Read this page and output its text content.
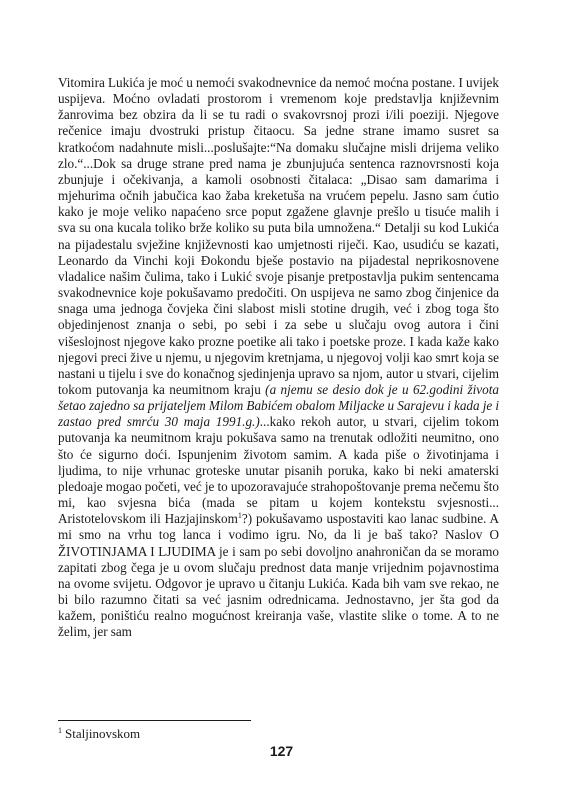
Vitomira Lukića je moć u nemoći svakodnevnice da nemoć moćna postane. I uvijek uspijeva. Moćno ovladati prostorom i vremenom koje predstavlja književnim žanrovima bez obzira da li se tu radi o svakovrsnoj prozi i/ili poeziji. Njegove rečenice imaju dvostruki pristup čitaocu. Sa jedne strane imamo susret sa kratkoćom nadahnute misli...poslušajte:“Na domaku slučajne misli drijema veliko zlo.“...Dok sa druge strane pred nama je zbunjujuća sentenca raznovrsnosti koja zbunjuje i očekivanja, a kamoli osobnosti čitalaca: „Disao sam damarima i mjehurima očnih jabučica kao žaba kreketuša na vrućem pepelu. Jasno sam ćutio kako je moje veliko napaćeno srce poput zgažene glavnje prešlo u tisuće malih i sva su ona kucala toliko brže koliko su puta bila umnožena.“ Detalji su kod Lukića na pijadestalu svježine književnosti kao umjetnosti riječi. Kao, usudiću se kazati, Leonardo da Vinchi koji Đokondu bješe postavio na pijadestal neprikosnovene vladalice našim čulima, tako i Lukić svoje pisanje pretpostavlja pukim sentencama svakodnevnice koje pokušavamo predočiti. On uspijeva ne samo zbog činjenice da snaga uma jednoga čovjeka čini slabost misli stotine drugih, već i zbog toga što objedinjenost znanja o sebi, po sebi i za sebe u slučaju ovog autora i čini višeslojnost njegove kako prozne poetike ali tako i poetske proze. I kada kaže kako njegovi preci žive u njemu, u njegovim kretnjama, u njegovoj volji kao smrt koja se nastani u tijelu i sve do konačnog sjedinjenja upravo sa njom, autor u stvari, cijelim tokom putovanja ka neumitnom kraju (a njemu se desio dok je u 62.godini života šetao zajedno sa prijateljem Milom Babićem obalom Miljacke u Sarajevu i kada je i zastao pred smrću 30 maja 1991.g.)...kako rekoh autor, u stvari, cijelim tokom putovanja ka neumitnom kraju pokušava samo na trenutak odložiti neumitno, ono što će sigurno doći. Ispunjenim životom samim. A kada piše o životinjama i ljudima, to nije vrhunac groteske unutar pisanih poruka, kako bi neki amaterski pledoaje mogao početi, već je to upozoravajuće strahopoštovanje prema nečemu što mi, kao svjesna bića (mada se pitam u kojem kontekstu svjesnosti... Aristotelovskom ili Hazjajinskom$^1$?) pokušavamo uspostaviti kao lanac sudbine. A mi smo na vrhu tog lanca i vodimo igru. No, da li je baš tako? Naslov O ŽIVOTINJAMA I LJUDIMA je i sam po sebi dovoljno anahroničan da se moramo zapitati zbog čega je u ovom slučaju prednost data manje vrijednim pojavnostima na ovome svijetu. Odgovor je upravo u čitanju Lukića. Kada bih vam sve rekao, ne bi bilo razumno čitati sa već jasnim odrednicama. Jednostavno, jer šta god da kažem, poništiću realno mogućnost kreiranja vaše, vlastite slike o tome. A to ne želim, jer sam

$^1$ Staljinovskom
127
